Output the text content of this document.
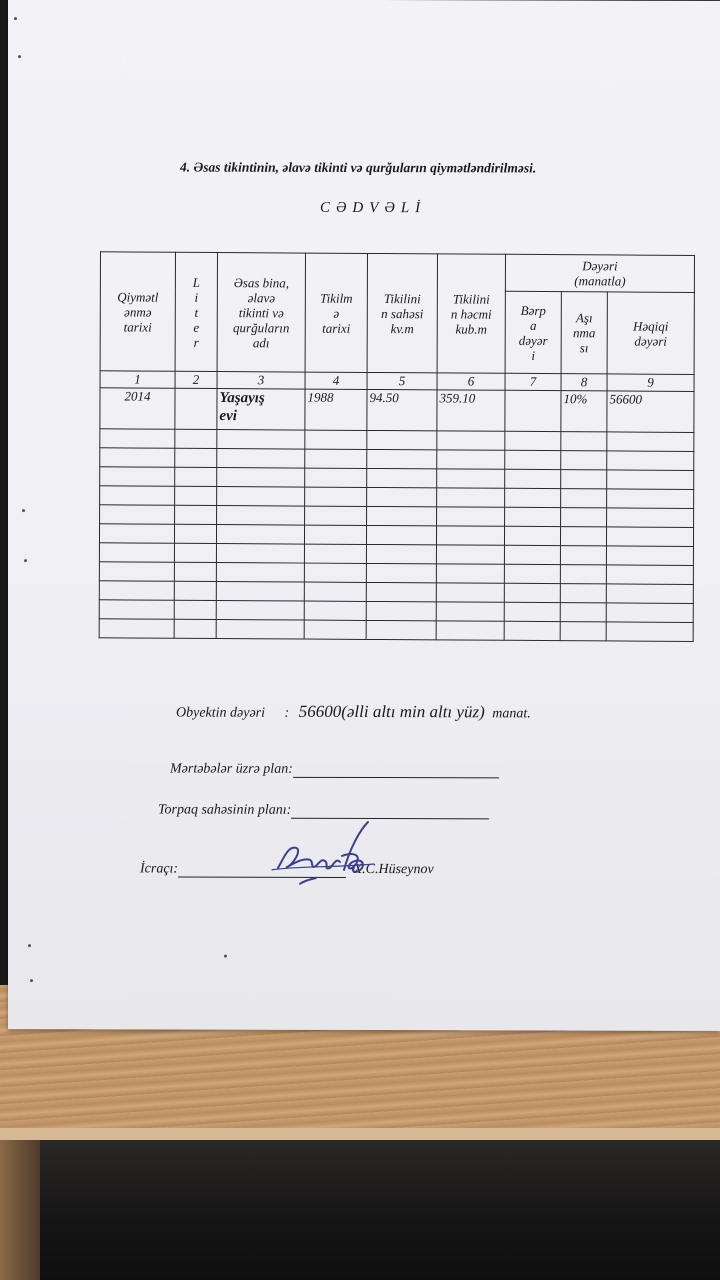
4. Əsas tikintinin, əlavə tikinti və qurğuların qiymətləndirilməsi.
CƏDVƏLİ
Qiymətl
ənmə
tarixi	L
i
t
e
r	Əsas bina,
əlavə
tikinti və
qurğuların
adı	Tikilm
ə
tarixi	Tikilini
n sahəsi
kv.m	Tikilini
n həcmi
kub.m	Dəyəri
(manatla)		

						Bərp
a
dəyər
i	Aşı
nma
sı	Həqiqi
dəyəri

1	2	3	4	5	6	7	8	9
2014		Yaşayış
evi	1988	94.50	359.10		10%	56600

Obyektin dəyəri : 56600(əlli altı min altı yüz) manat.
Mərtəbələr üzrə plan:
Torpaq sahəsinin planı:
İcraçı:	X.C.Hüseynov
